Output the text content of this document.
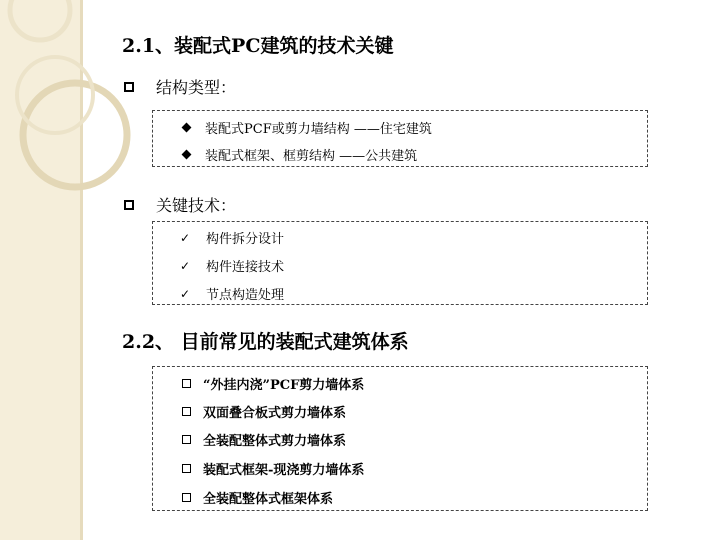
2.1、装配式PC建筑的技术关键
结构类型：
装配式PCF或剪力墙结构 ——住宅建筑
装配式框架、框剪结构 ——公共建筑
关键技术：
✓ 构件拆分设计
✓ 构件连接技术
✓ 节点构造处理
2.2、 目前常见的装配式建筑体系
“外挂内浇”PCF剪力墙体系
双面叠合板式剪力墙体系
全装配整体式剪力墙体系
装配式框架-现浇剪力墙体系
全装配整体式框架体系
